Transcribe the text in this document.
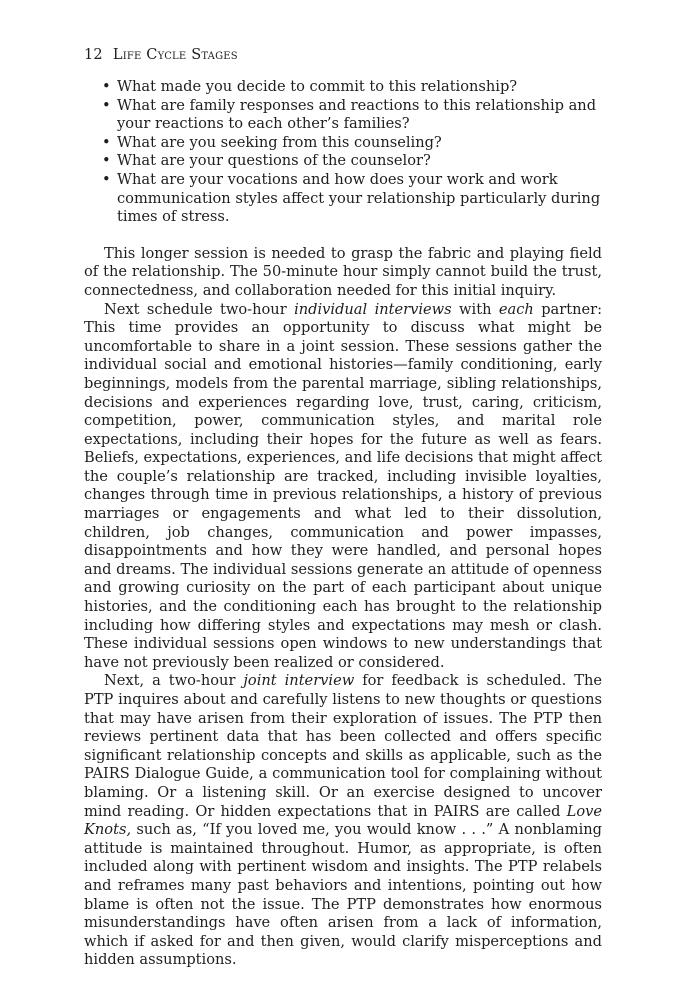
12 Life Cycle Stages
• What made you decide to commit to this relationship?
• What are family responses and reactions to this relationship and your reactions to each other’s families?
• What are you seeking from this counseling?
• What are your questions of the counselor?
• What are your vocations and how does your work and work communication styles affect your relationship particularly during times of stress.

This longer session is needed to grasp the fabric and playing field of the relationship. The 50-minute hour simply cannot build the trust, connectedness, and collaboration needed for this initial inquiry.

Next schedule two-hour individual interviews with each partner: This time provides an opportunity to discuss what might be uncomfortable to share in a joint session. These sessions gather the individual social and emotional histories—family conditioning, early beginnings, models from the parental marriage, sibling relationships, decisions and experiences regarding love, trust, caring, criticism, competition, power, communication styles, and marital role expectations, including their hopes for the future as well as fears. Beliefs, expectations, experiences, and life decisions that might affect the couple’s relationship are tracked, including invisible loyalties, changes through time in previous relationships, a history of previous marriages or engagements and what led to their dissolution, children, job changes, communication and power impasses, disappointments and how they were handled, and personal hopes and dreams. The individual sessions generate an attitude of openness and growing curiosity on the part of each participant about unique histories, and the conditioning each has brought to the relationship including how differing styles and expectations may mesh or clash. These individual sessions open windows to new understandings that have not previously been realized or considered.

Next, a two-hour joint interview for feedback is scheduled. The PTP inquires about and carefully listens to new thoughts or questions that may have arisen from their exploration of issues. The PTP then reviews pertinent data that has been collected and offers specific significant relationship concepts and skills as applicable, such as the PAIRS Dialogue Guide, a communication tool for complaining without blaming. Or a listening skill. Or an exercise designed to uncover mind reading. Or hidden expectations that in PAIRS are called Love Knots, such as, “If you loved me, you would know . . .” A nonblaming attitude is maintained throughout. Humor, as appropriate, is often included along with pertinent wisdom and insights. The PTP relabels and reframes many past behaviors and intentions, pointing out how blame is often not the issue. The PTP demonstrates how enormous misunderstandings have often arisen from a lack of information, which if asked for and then given, would clarify misperceptions and hidden assumptions.
